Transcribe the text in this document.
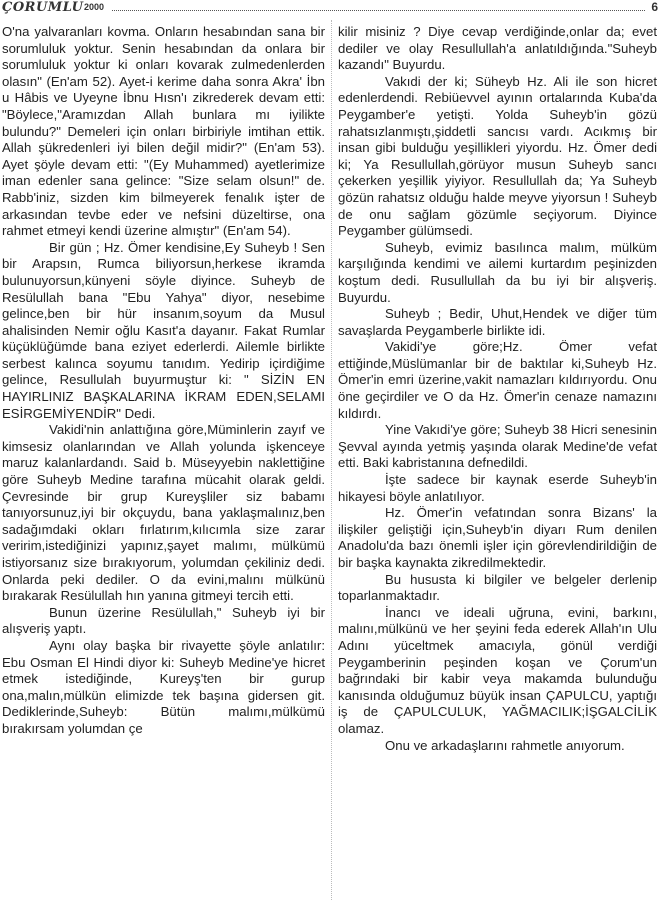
ÇORUMLU 2000	6

O'na yalvaranları kovma. Onların hesabından sana bir sorumluluk yoktur. Senin hesabından da onlara bir sorumluluk yoktur ki onları kovarak zulmedenlerden olasın" (En'am 52). Ayet-i kerime daha sonra Akra' İbn u Hâbis ve Uyeyne İbnu Hısn'ı zikrederek devam etti: "Böylece,"Aramızdan Allah bunlara mı iyilikte bulundu?" Demeleri için onları birbiriyle imtihan ettik. Allah şükredenleri iyi bilen değil midir?" (En'am 53). Ayet şöyle devam etti: "(Ey Muhammed) ayetlerimize iman edenler sana gelince: "Size selam olsun!" de. Rabb'iniz, sizden kim bilmeyerek fenalık işter de arkasından tevbe eder ve nefsini düzeltirse, ona rahmet etmeyi kendi üzerine almıştır" (En'am 54).

Bir gün ; Hz. Ömer kendisine,Ey Suheyb ! Sen bir Arapsın, Rumca biliyorsun,herkese ikramda bulunuyorsun,künyeni söyle diyince. Suheyb de Resülullah bana "Ebu Yahya" diyor, nesebime gelince,ben bir hür insanım,soyum da Musul ahalisinden Nemir oğlu Kasıt'a dayanır. Fakat Rumlar küçüklüğümde bana eziyet ederlerdi. Ailemle birlikte serbest kalınca soyumu tanıdım. Yedirip içirdiğime gelince, Resullulah buyurmuştur ki: " SİZİN EN HAYIRLINIZ BAŞKALARINA İKRAM EDEN,SELAMI ESİRGEMİYENDİR" Dedi.

Vakidi'nin anlattığına göre,Müminlerin zayıf ve kimsesiz olanlarından ve Allah yolunda işkenceye maruz kalanlardandı. Said b. Müseyyebin naklettiğine göre Suheyb Medine tarafına mücahit olarak geldi. Çevresinde bir grup Kureyşliler siz babamı tanıyorsunuz,iyi bir okçuydu, bana yaklaşmalınız,ben sadağımdaki okları fırlatırım,kılıcımla size zarar veririm,istediğinizi yapınız,şayet malımı, mülkümü istiyorsanız size bırakıyorum, yolumdan çekiliniz dedi. Onlarda peki dediler. O da evini,malını mülkünü bırakarak Resülullah hın yanına gitmeyi tercih etti.

Bunun üzerine Resülullah," Suheyb iyi bir alışveriş yaptı.

Aynı olay başka bir rivayette şöyle anlatılır: Ebu Osman El Hindi diyor ki: Suheyb Medine'ye hicret etmek istediğinde, Kureyş'ten bir gurup ona,malın,mülkün elimizde tek başına gidersen git. Dediklerinde,Suheyb: Bütün malımı,mülkümü bırakırsam yolumdan çe

kilir misiniz ? Diye cevap verdiğinde,onlar da; evet dediler ve olay Resullullah'a anlatıldığında."Suheyb kazandı" Buyurdu.

Vakıdi der ki; Süheyb Hz. Ali ile son hicret edenlerdendi. Rebiüevvel ayının ortalarında Kuba'da Peygamber'e yetişti. Yolda Suheyb'in gözü rahatsızlanmıştı,şiddetli sancısı vardı. Acıkmış bir insan gibi bulduğu yeşillikleri yiyordu. Hz. Ömer dedi ki; Ya Resullullah,görüyor musun Suheyb sancı çekerken yeşillik yiyiyor. Resullullah da; Ya Suheyb gözün rahatsız olduğu halde meyve yiyorsun ! Suheyb de onu sağlam gözümle seçiyorum. Diyince Peygamber gülümsedi.

Suheyb, evimiz basılınca malım, mülküm karşılığında kendimi ve ailemi kurtardım peşinizden koştum dedi. Rusullullah da bu iyi bir alışveriş. Buyurdu.

Suheyb ; Bedir, Uhut,Hendek ve diğer tüm savaşlarda Peygamberle birlikte idi.

Vakidi'ye göre;Hz. Ömer vefat ettiğinde,Müslümanlar bir de baktılar ki,Suheyb Hz. Ömer'in emri üzerine,vakit namazları kıldırıyordu. Onu öne geçirdiler ve O da Hz. Ömer'in cenaze namazını kıldırdı.

Yine Vakıdi'ye göre; Suheyb 38 Hicri senesinin Şevval ayında yetmiş yaşında olarak Medine'de vefat etti. Baki kabristanına defnedildi.

İşte sadece bir kaynak eserde Suheyb'in hikayesi böyle anlatılıyor.

Hz. Ömer'in vefatından sonra Bizans' la ilişkiler geliştiği için,Suheyb'in diyarı Rum denilen Anadolu'da bazı önemli işler için görevlendirildiğin de bir başka kaynakta zikredilmektedir.

Bu hususta ki bilgiler ve belgeler derlenip toparlanmaktadır.

İnancı ve ideali uğruna, evini, barkını, malını,mülkünü ve her şeyini feda ederek Allah'ın Ulu Adını yüceltmek amacıyla, gönül verdiği Peygamberinin peşinden koşan ve Çorum'un bağrındaki bir kabir veya makamda bulunduğu kanısında olduğumuz büyük insan ÇAPULCU, yaptığı iş de ÇAPULCULUK, YAĞMACILIK;İŞGALCİLİK olamaz.

Onu ve arkadaşlarını rahmetle anıyorum.
